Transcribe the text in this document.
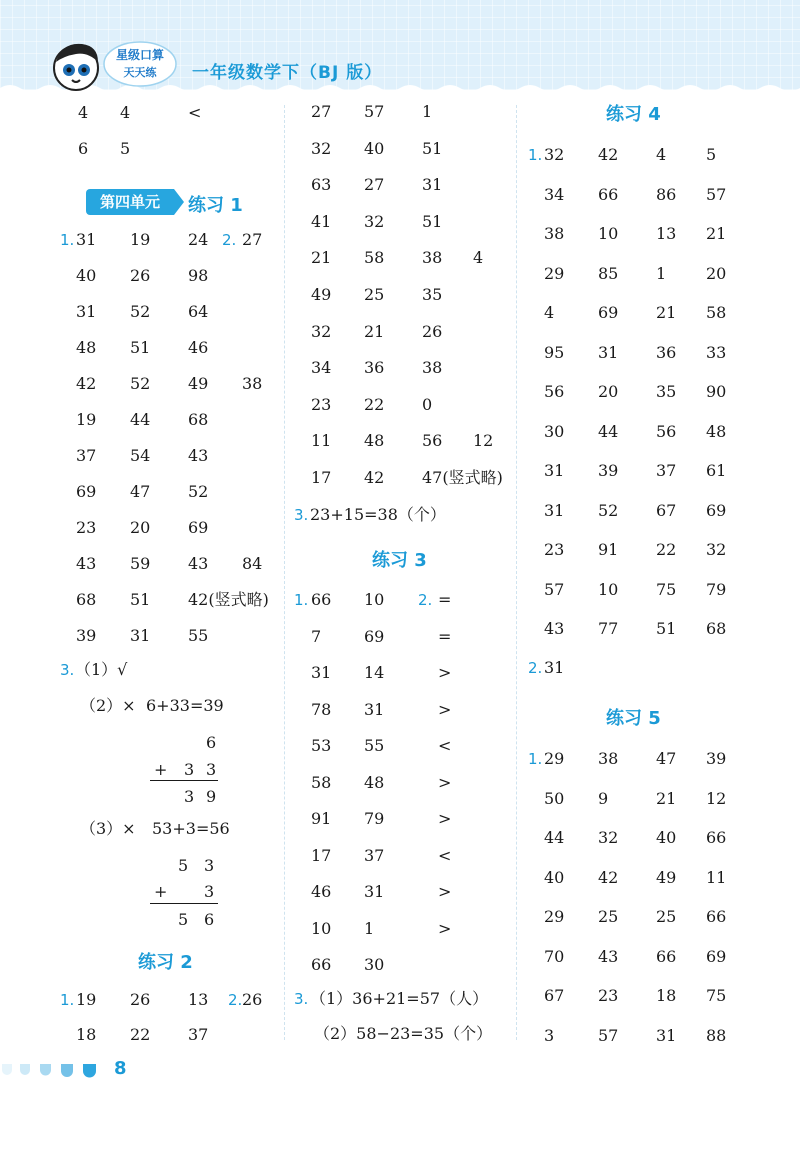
星级口算
天天练	一年级数学下（BJ 版）
4 4	<
6 5
第四单元	练习 1
1.	2.
31 19 24 27
40 26 98
31 52 64
48 51 46
42 52 49 38
19 44 68
37 54 43
69 47 52
23 20 69
43 59 43 84
68 51 42(竖式略)
39 31 55
3. （1）√
（2）× 6+33=39
6
+ 3 3
3 9
（3）× 53+3=56
5 3
+ 3
5 6
练习 2
1.	2.
19 26 13 26
18 22 37
27 57 1
32 40 51
63 27 31
41 32 51
21 58 38 4
49 25 35
32 21 26
34 36 38
23 22 0
11 48 56 12
17 42 47(竖式略)
3. 23+15=38（个）
练习 3
1.	2.
66 10	=
7	69	=
31 14	>
78 31	>
53 55	<
58 48	>
91 79	>
17 37	<
46 31	>
10 1	>
66 30
3. （1）36+21=57（人）
（2）58−23=35（个）
练习 4
1. 32 42 4 5
34 66 86 57
38 10 13 21
29 85 1 20
4	69 21 58
95 31 36 33
56 20 35 90
30 44 56 48
31 39 37 61
31 52 67 69
23 91 22 32
57 10 75 79
43 77 51 68
2. 31
练习 5
1. 29 38 47 39
50 9	21 12
44 32 40 66
40 42 49 11
29 25 25 66
70 43 66 69
67 23 18 75
3	57 31 88
8
